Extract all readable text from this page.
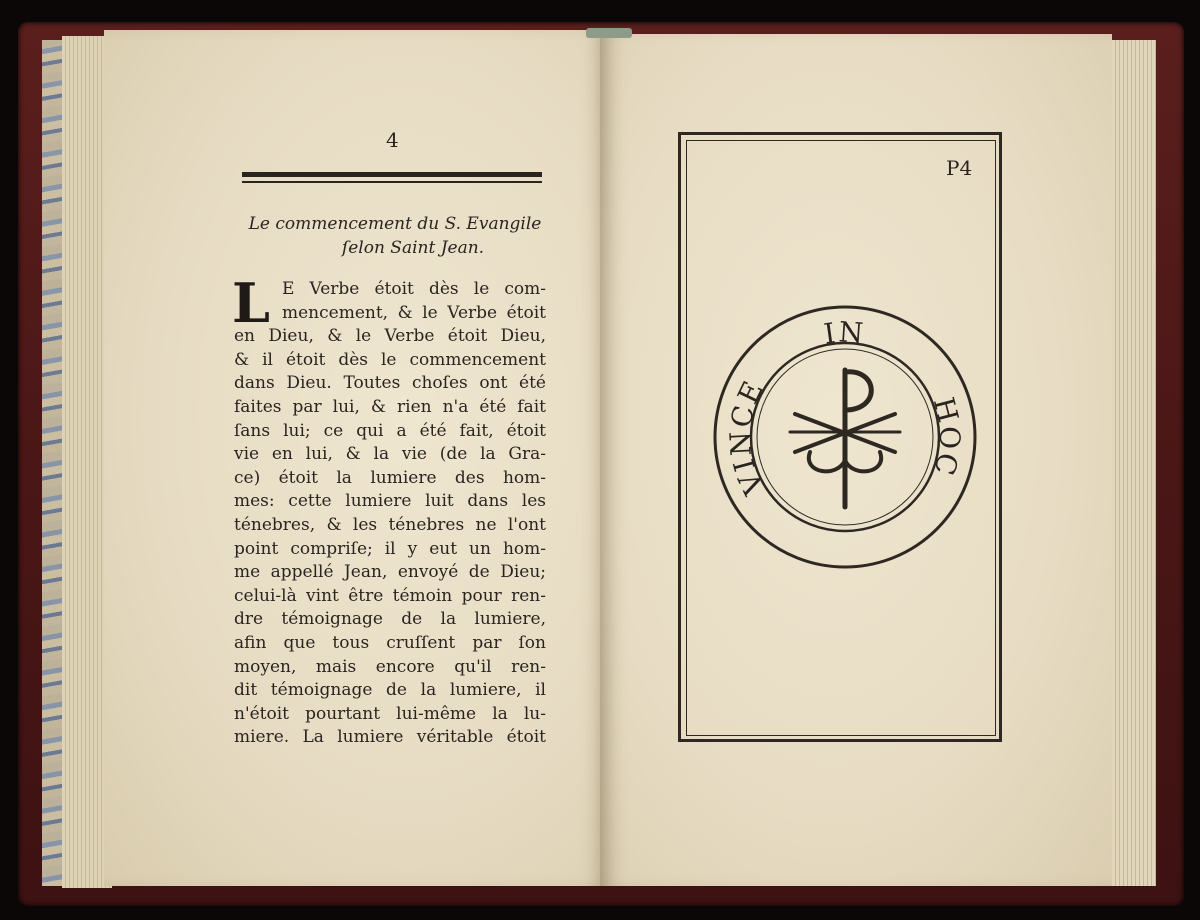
4
Le commencement du S. Evangile
ſelon Saint Jean.
L E Verbe étoit dès le com-
mencement, & le Verbe étoit
en Dieu, & le Verbe étoit Dieu,
& il étoit dès le commencement
dans Dieu. Toutes choſes ont été
faites par lui, & rien n'a été fait
ſans lui; ce qui a été fait, étoit
vie en lui, & la vie (de la Gra-
ce) étoit la lumiere des hom-
mes: cette lumiere luit dans les
ténebres, & les ténebres ne l'ont
point compriſe; il y eut un hom-
me appellé Jean, envoyé de Dieu;
celui-là vint être témoin pour ren-
dre témoignage de la lumiere,
afin que tous cruſſent par ſon
moyen, mais encore qu'il ren-
dit témoignage de la lumiere, il
n'étoit pourtant lui-même la lu-
miere. La lumiere véritable étoit
P4
IN
HOC
VINCE
